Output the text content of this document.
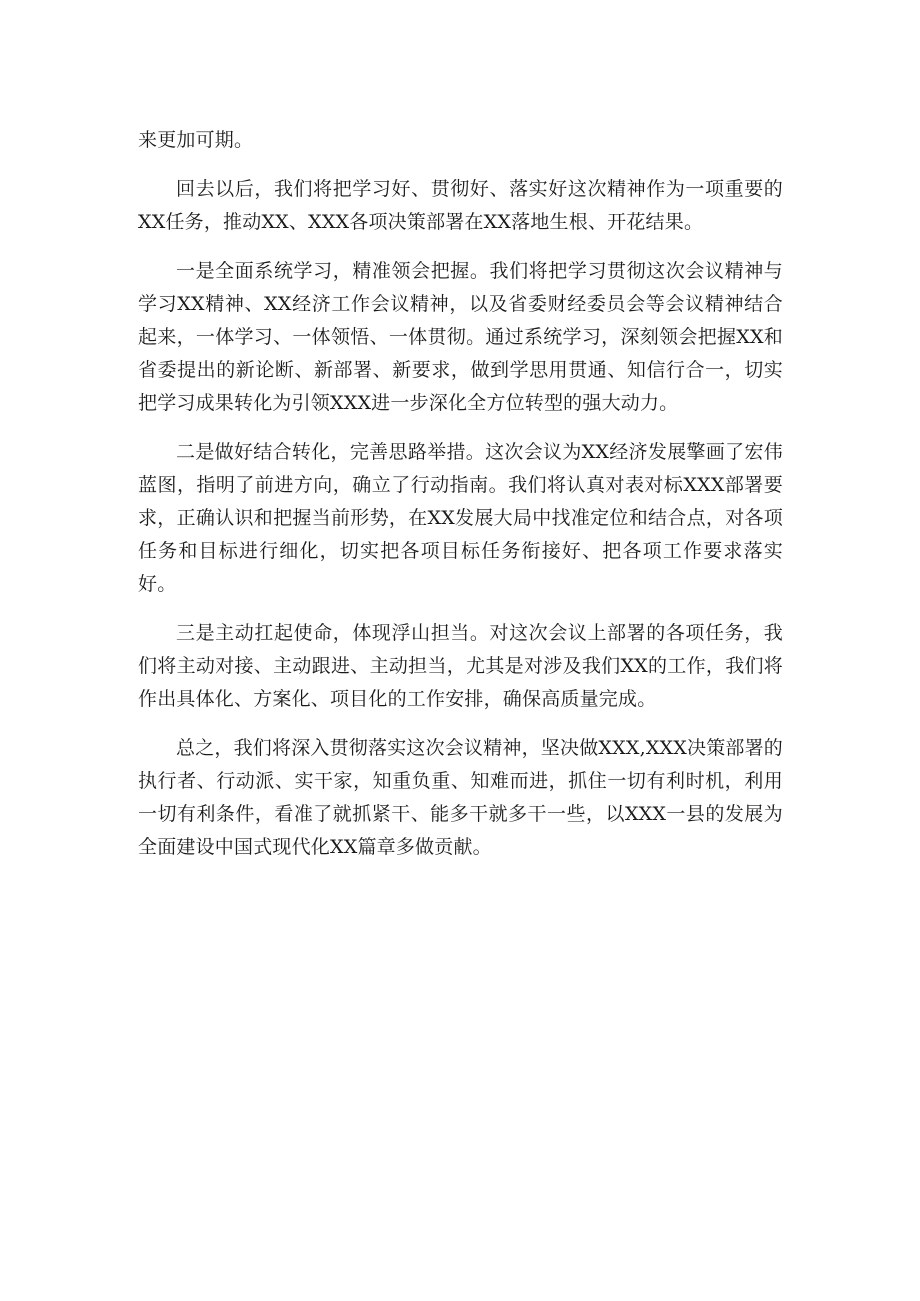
来更加可期。

回去以后，我们将把学习好、贯彻好、落实好这次精神作为一项重要的XX任务，推动XX、XXX各项决策部署在XX落地生根、开花结果。

一是全面系统学习，精准领会把握。我们将把学习贯彻这次会议精神与学习XX精神、XX经济工作会议精神，以及省委财经委员会等会议精神结合起来，一体学习、一体领悟、一体贯彻。通过系统学习，深刻领会把握XX和省委提出的新论断、新部署、新要求，做到学思用贯通、知信行合一，切实把学习成果转化为引领XXX进一步深化全方位转型的强大动力。

二是做好结合转化，完善思路举措。这次会议为XX经济发展擎画了宏伟蓝图，指明了前进方向，确立了行动指南。我们将认真对表对标XXX部署要求，正确认识和把握当前形势，在XX发展大局中找准定位和结合点，对各项任务和目标进行细化，切实把各项目标任务衔接好、把各项工作要求落实好。

三是主动扛起使命，体现浮山担当。对这次会议上部署的各项任务，我们将主动对接、主动跟进、主动担当，尤其是对涉及我们XX的工作，我们将作出具体化、方案化、项目化的工作安排，确保高质量完成。

总之，我们将深入贯彻落实这次会议精神，坚决做XXX,XXX决策部署的执行者、行动派、实干家，知重负重、知难而进，抓住一切有利时机，利用一切有利条件，看准了就抓紧干、能多干就多干一些，以XXX一县的发展为全面建设中国式现代化XX篇章多做贡献。
